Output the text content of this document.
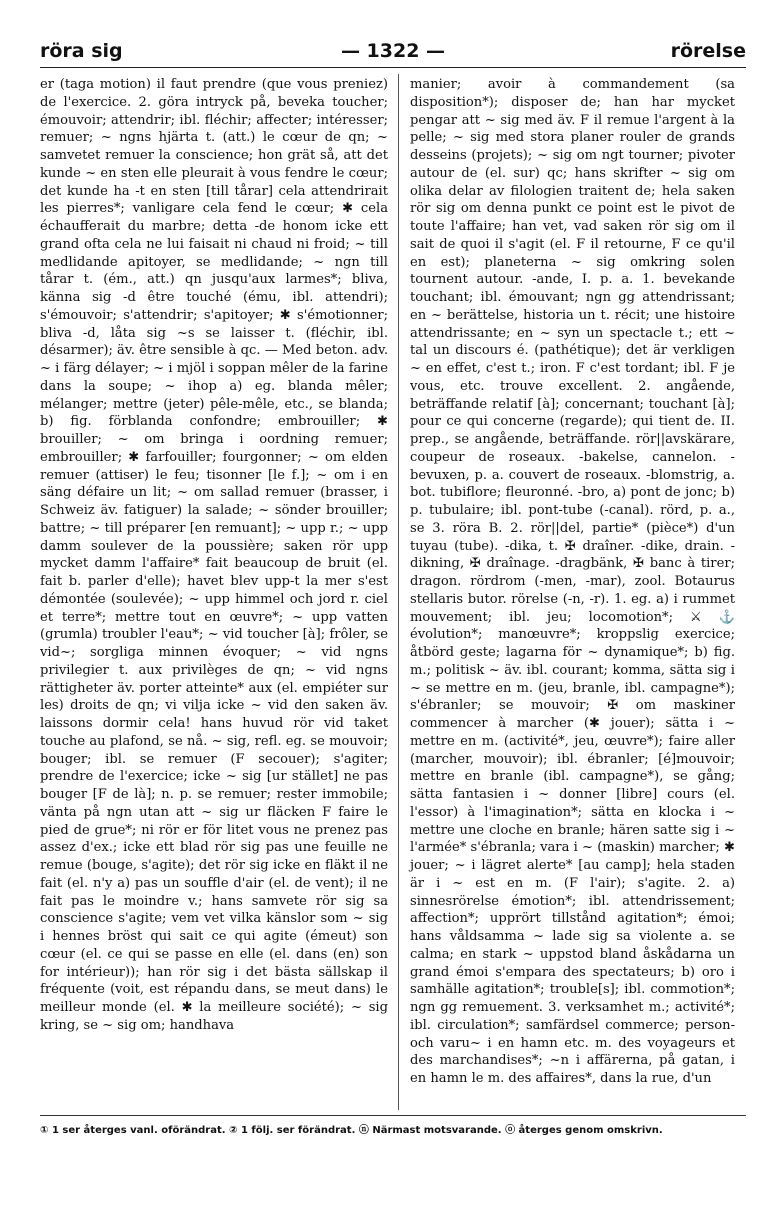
röra sig	— 1322 —	rörelse

er (taga motion) il faut prendre (que vous preniez) de l'exercice. 2. göra intryck på, beveka toucher; émouvoir; attendrir; ibl. fléchir; affecter; intéresser; remuer; ~ ngns hjärta t. (att.) le cœur de qn; ~ samvetet remuer la conscience; hon grät så, att det kunde ~ en sten elle pleurait à vous fendre le cœur; det kunde ha -t en sten [till tårar] cela attendrirait les pierres*; vanligare cela fend le cœur; ✱ cela échaufferait du marbre; detta -de honom icke ett grand ofta cela ne lui faisait ni chaud ni froid; ~ till medlidande apitoyer, se medlidande; ~ ngn till tårar t. (ém., att.) qn jusqu'aux larmes*; bliva, känna sig -d être touché (ému, ibl. attendri); s'émouvoir; s'attendrir; s'apitoyer; ✱ s'émotionner; bliva -d, låta sig ~s se laisser t. (fléchir, ibl. désarmer); äv. être sensible à qc. — Med beton. adv. ~ i färg délayer; ~ i mjöl i soppan mêler de la farine dans la soupe; ~ ihop a) eg. blanda mêler; mélanger; mettre (jeter) pêle-mêle, etc., se blanda; b) fig. förblanda confondre; embrouiller; ✱ brouiller; ~ om bringa i oordning remuer; embrouiller; ✱ farfouiller; fourgonner; ~ om elden remuer (attiser) le feu; tisonner [le f.]; ~ om i en säng défaire un lit; ~ om sallad remuer (brasser, i Schweiz äv. fatiguer) la salade; ~ sönder brouiller; battre; ~ till préparer [en remuant]; ~ upp r.; ~ upp damm soulever de la poussière; saken rör upp mycket damm l'affaire* fait beaucoup de bruit (el. fait b. parler d'elle); havet blev upp-t la mer s'est démontée (soulevée); ~ upp himmel och jord r. ciel et terre*; mettre tout en œuvre*; ~ upp vatten (grumla) troubler l'eau*; ~ vid toucher [à]; frôler, se vid~; sorgliga minnen évoquer; ~ vid ngns privilegier t. aux privilèges de qn; ~ vid ngns rättigheter äv. porter atteinte* aux (el. empiéter sur les) droits de qn; vi vilja icke ~ vid den saken äv. laissons dormir cela! hans huvud rör vid taket touche au plafond, se nå. ~ sig, refl. eg. se mouvoir; bouger; ibl. se remuer (F secouer); s'agiter; prendre de l'exercice; icke ~ sig [ur stället] ne pas bouger [F de là]; n. p. se remuer; rester immobile; vänta på ngn utan att ~ sig ur fläcken F faire le pied de grue*; ni rör er för litet vous ne prenez pas assez d'ex.; icke ett blad rör sig pas une feuille ne remue (bouge, s'agite); det rör sig icke en fläkt il ne fait (el. n'y a) pas un souffle d'air (el. de vent); il ne fait pas le moindre v.; hans samvete rör sig sa conscience s'agite; vem vet vilka känslor som ~ sig i hennes bröst qui sait ce qui agite (émeut) son cœur (el. ce qui se passe en elle (el. dans (en) son for intérieur)); han rör sig i det bästa sällskap il fréquente (voit, est répandu dans, se meut dans) le meilleur monde (el. ✱ la meilleure société); ~ sig kring, se ~ sig om; handhava

manier; avoir à commandement (sa disposition*); disposer de; han har mycket pengar att ~ sig med äv. F il remue l'argent à la pelle; ~ sig med stora planer rouler de grands desseins (projets); ~ sig om ngt tourner; pivoter autour de (el. sur) qc; hans skrifter ~ sig om olika delar av filologien traitent de; hela saken rör sig om denna punkt ce point est le pivot de toute l'affaire; han vet, vad saken rör sig om il sait de quoi il s'agit (el. F il retourne, F ce qu'il en est); planeterna ~ sig omkring solen tournent autour. -ande, I. p. a. 1. bevekande touchant; ibl. émouvant; ngn gg attendrissant; en ~ berättelse, historia un t. récit; une histoire attendrissante; en ~ syn un spectacle t.; ett ~ tal un discours é. (pathétique); det är verkligen ~ en effet, c'est t.; iron. F c'est tordant; ibl. F je vous, etc. trouve excellent. 2. angående, beträffande relatif [à]; concernant; touchant [à]; pour ce qui concerne (regarde); qui tient de. II. prep., se angående, beträffande. rör||avskärare, coupeur de roseaux. -bakelse, cannelon. -bevuxen, p. a. couvert de roseaux. -blomstrig, a. bot. tubiflore; fleuronné. -bro, a) pont de jonc; b) p. tubulaire; ibl. pont-tube (-canal). rörd, p. a., se 3. röra B. 2. rör||del, partie* (pièce*) d'un tuyau (tube). -dika, t. ✠ draîner. -dike, drain. -dikning, ✠ draînage. -dragbänk, ✠ banc à tirer; dragon. rördrom (-men, -mar), zool. Botaurus stellaris butor. rörelse (-n, -r). 1. eg. a) i rummet mouvement; ibl. jeu; locomotion*; ⚔ ⚓ évolution*; manœuvre*; kroppslig exercice; åtbörd geste; lagarna för ~ dynamique*; b) fig. m.; politisk ~ äv. ibl. courant; komma, sätta sig i ~ se mettre en m. (jeu, branle, ibl. campagne*); s'ébranler; se mouvoir; ✠ om maskiner commencer à marcher (✱ jouer); sätta i ~ mettre en m. (activité*, jeu, œuvre*); faire aller (marcher, mouvoir); ibl. ébranler; [é]mouvoir; mettre en branle (ibl. campagne*), se gång; sätta fantasien i ~ donner [libre] cours (el. l'essor) à l'imagination*; sätta en klocka i ~ mettre une cloche en branle; hären satte sig i ~ l'armée* s'ébranla; vara i ~ (maskin) marcher; ✱ jouer; ~ i lägret alerte* [au camp]; hela staden är i ~ est en m. (F l'air); s'agite. 2. a) sinnesrörelse émotion*; ibl. attendrissement; affection*; upprört tillstånd agitation*; émoi; hans våldsamma ~ lade sig sa violente a. se calma; en stark ~ uppstod bland åskådarna un grand émoi s'empara des spectateurs; b) oro i samhälle agitation*; trouble[s]; ibl. commotion*; ngn gg remuement. 3. verksamhet m.; activité*; ibl. circulation*; samfärdsel commerce; person- och varu~ i en hamn etc. m. des voyageurs et des marchandises*; ~n i affärerna, på gatan, i en hamn le m. des affaires*, dans la rue, d'un

① 1 ser återges vanl. oförändrat. ② 1 följ. ser förändrat. ⓝ Närmast motsvarande. ⓞ återges genom omskrivn.
